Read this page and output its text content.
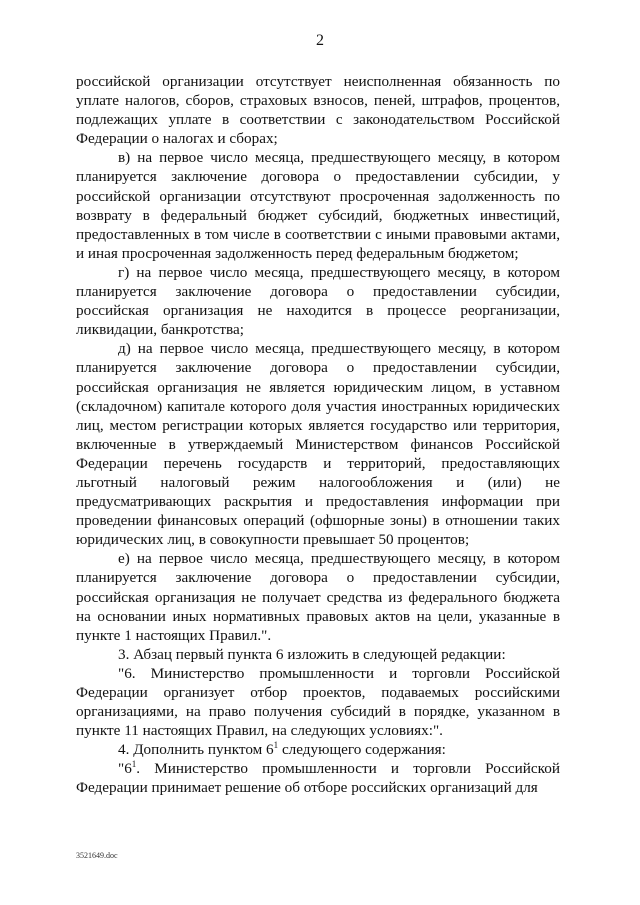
2

российской организации отсутствует неисполненная обязанность по уплате налогов, сборов, страховых взносов, пеней, штрафов, процентов, подлежащих уплате в соответствии с законодательством Российской Федерации о налогах и сборах;

в) на первое число месяца, предшествующего месяцу, в котором планируется заключение договора о предоставлении субсидии, у российской организации отсутствуют просроченная задолженность по возврату в федеральный бюджет субсидий, бюджетных инвестиций, предоставленных в том числе в соответствии с иными правовыми актами, и иная просроченная задолженность перед федеральным бюджетом;

г) на первое число месяца, предшествующего месяцу, в котором планируется заключение договора о предоставлении субсидии, российская организация не находится в процессе реорганизации, ликвидации, банкротства;

д) на первое число месяца, предшествующего месяцу, в котором планируется заключение договора о предоставлении субсидии, российская организация не является юридическим лицом, в уставном (складочном) капитале которого доля участия иностранных юридических лиц, местом регистрации которых является государство или территория, включенные в утверждаемый Министерством финансов Российской Федерации перечень государств и территорий, предоставляющих льготный налоговый режим налогообложения и (или) не предусматривающих раскрытия и предоставления информации при проведении финансовых операций (офшорные зоны) в отношении таких юридических лиц, в совокупности превышает 50 процентов;

е) на первое число месяца, предшествующего месяцу, в котором планируется заключение договора о предоставлении субсидии, российская организация не получает средства из федерального бюджета на основании иных нормативных правовых актов на цели, указанные в пункте 1 настоящих Правил.".

3. Абзац первый пункта 6 изложить в следующей редакции:

"6. Министерство промышленности и торговли Российской Федерации организует отбор проектов, подаваемых российскими организациями, на право получения субсидий в порядке, указанном в пункте 11 настоящих Правил, на следующих условиях:".

4. Дополнить пунктом $6^1$ следующего содержания:

"$6^1$. Министерство промышленности и торговли Российской Федерации принимает решение об отборе российских организаций для

3521649.doc
